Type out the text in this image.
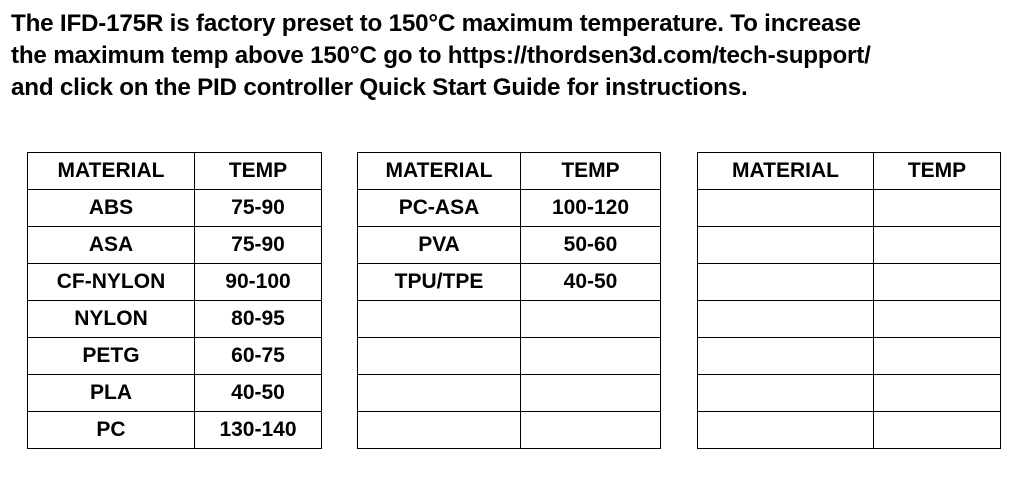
The IFD-175R is factory preset to 150°C maximum temperature. To increase
the maximum temp above 150°C go to https://thordsen3d.com/tech-support/
and click on the PID controller Quick Start Guide for instructions.

MATERIAL	TEMP
ABS	75-90
ASA	75-90
CF-NYLON	90-100
NYLON	80-95
PETG	60-75
PLA	40-50
PC	130-140
MATERIAL	TEMP
PC-ASA	100-120
PVA	50-60
TPU/TPE	40-50

MATERIAL	TEMP
